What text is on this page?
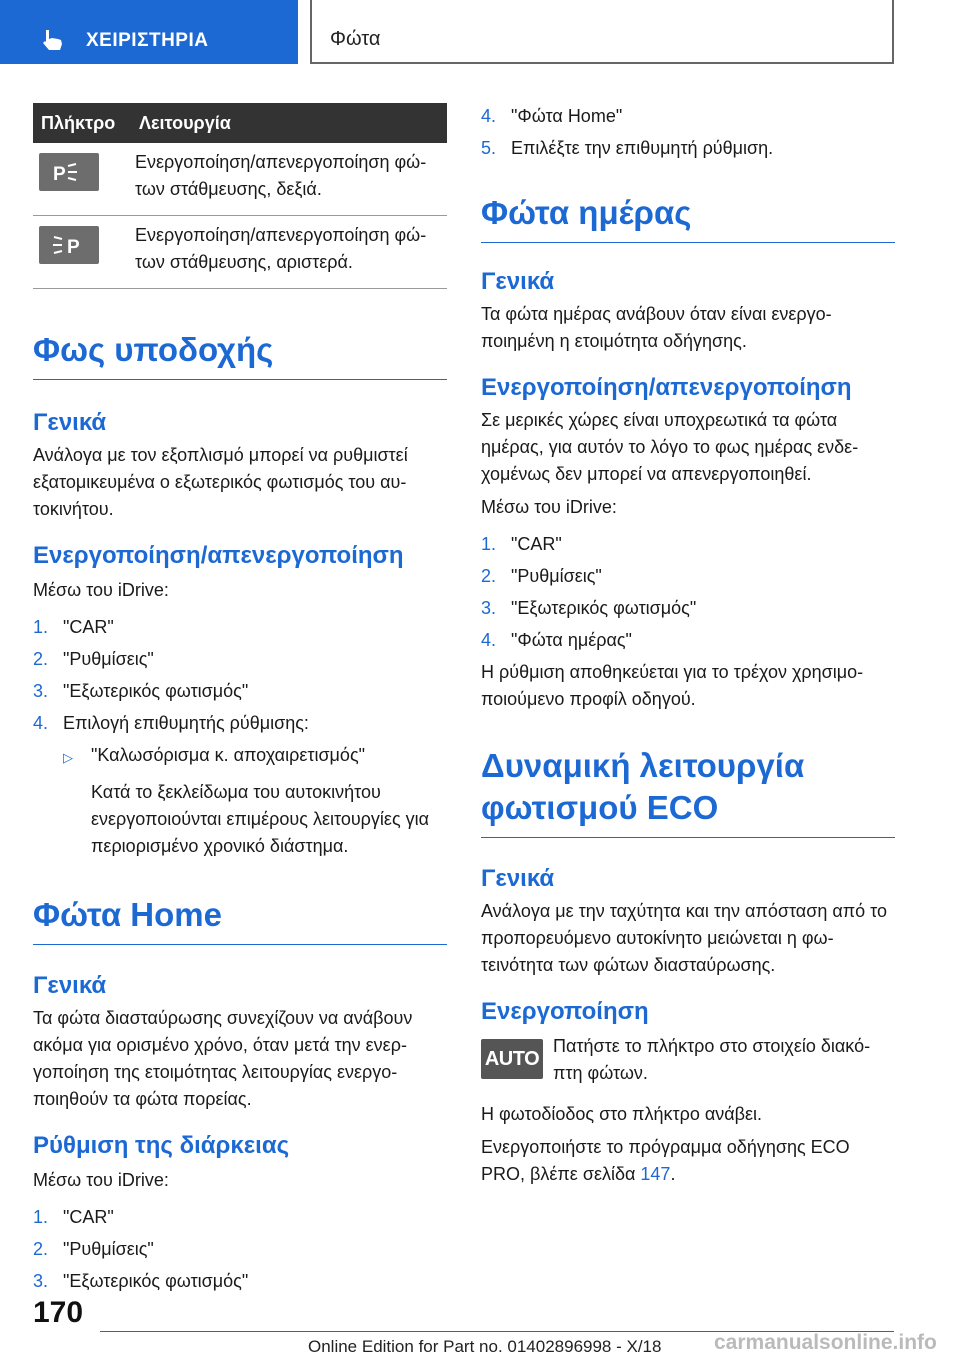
ΧΕΙΡΙΣΤΗΡΙΑ	Φώτα
Πλήκτρο	Λειτουργία

P	Ενεργοποίηση/απενεργοποίηση φώ-των στάθμευσης, δεξιά.

P	Ενεργοποίηση/απενεργοποίηση φώ-των στάθμευσης, αριστερά.
Φως υποδοχής
Γενικά

Ανάλογα με τον εξοπλισμό μπορεί να ρυθμιστεί εξατομικευμένα ο εξωτερικός φωτισμός του αυ-τοκινήτου.

Ενεργοποίηση/απενεργοποίηση

Μέσω του iDrive:

1. "CAR"
2. "Ρυθμίσεις"
3. "Εξωτερικός φωτισμός"
4. Επιλογή επιθυμητής ρύθμισης:
▷	"Καλωσόρισμα κ. αποχαιρετισμός"
Κατά το ξεκλείδωμα του αυτοκινήτου ενεργοποιούνται επιμέρους λειτουργίες για περιορισμένο χρονικό διάστημα.
Φώτα Home
Γενικά

Τα φώτα διασταύρωσης συνεχίζουν να ανάβουν ακόμα για ορισμένο χρόνο, όταν μετά την ενερ-γοποίηση της ετοιμότητας λειτουργίας ενεργο-ποιηθούν τα φώτα πορείας.

Ρύθμιση της διάρκειας

Μέσω του iDrive:

1. "CAR"
2. "Ρυθμίσεις"
3. "Εξωτερικός φωτισμός"
4. "Φώτα Home"
5. Επιλέξτε την επιθυμητή ρύθμιση.
Φώτα ημέρας
Γενικά

Τα φώτα ημέρας ανάβουν όταν είναι ενεργο-ποιημένη η ετοιμότητα οδήγησης.

Ενεργοποίηση/απενεργοποίηση

Σε μερικές χώρες είναι υποχρεωτικά τα φώτα ημέρας, για αυτόν το λόγο το φως ημέρας ενδε-χομένως δεν μπορεί να απενεργοποιηθεί.

Μέσω του iDrive:

1. "CAR"
2. "Ρυθμίσεις"
3. "Εξωτερικός φωτισμός"
4. "Φώτα ημέρας"

Η ρύθμιση αποθηκεύεται για το τρέχον χρησιμο-ποιούμενο προφίλ οδηγού.

Δυναμική λειτουργία
φωτισμού ECO
Γενικά

Ανάλογα με την ταχύτητα και την απόσταση από το προπορευόμενο αυτοκίνητο μειώνεται η φω-τεινότητα των φώτων διασταύρωσης.

Ενεργοποίηση
AUTO

Πατήστε το πλήκτρο στο στοιχείο διακό-πτη φώτων.

Η φωτοδίοδος στο πλήκτρο ανάβει.

Ενεργοποιήστε το πρόγραμμα οδήγησης ECO PRO, βλέπε σελίδα 147.

170
Online Edition for Part no. 01402896998 - X/18	carmanualsonline.info
